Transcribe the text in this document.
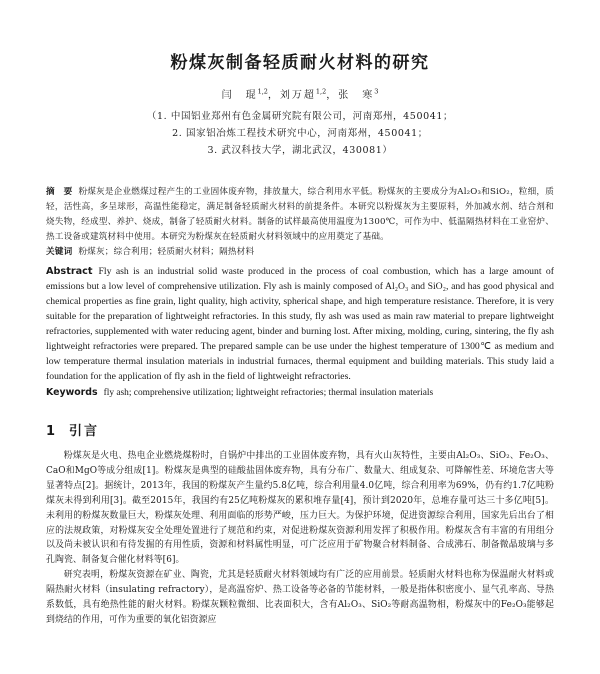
粉煤灰制备轻质耐火材料的研究
闫　琨$^{1,2}$，刘万超$^{1,2}$，张　寒$^3$
（1. 中国铝业郑州有色金属研究院有限公司，河南郑州，450041；
2. 国家铝冶炼工程技术研究中心，河南郑州，450041；
3. 武汉科技大学，湖北武汉，430081）
摘　要 粉煤灰是企业燃煤过程产生的工业固体废弃物，排放量大，综合利用水平低。粉煤灰的主要成分为Al₂O₃和SiO₂，粒细，质轻，活性高，多呈球形，高温性能稳定，满足制备轻质耐火材料的前提条件。本研究以粉煤灰为主要原料，外加减水剂、结合剂和烧失物，经成型、养护、烧成，制备了轻质耐火材料。制备的试样最高使用温度为1300℃，可作为中、低温隔热材料在工业窑炉、热工设备或建筑材料中使用。本研究为粉煤灰在轻质耐火材料领域中的应用奠定了基础。
关键词 粉煤灰；综合利用；轻质耐火材料；隔热材料
Abstract Fly ash is an industrial solid waste produced in the process of coal combustion, which has a large amount of emissions but a low level of comprehensive utilization. Fly ash is mainly composed of Al₂O₃ and SiO₂, and has good physical and chemical properties as fine grain, light quality, high activity, spherical shape, and high temperature resistance. Therefore, it is very suitable for the preparation of lightweight refractories. In this study, fly ash was used as main raw material to prepare lightweight refractories, supplemented with water reducing agent, binder and burning lost. After mixing, molding, curing, sintering, the fly ash lightweight refractories were prepared. The prepared sample can be use under the highest temperature of 1300℃ as medium and low temperature thermal insulation materials in industrial furnaces, thermal equipment and building materials. This study laid a foundation for the application of fly ash in the field of lightweight refractories.
Keywords fly ash; comprehensive utilization; lightweight refractories; thermal insulation materials
1 引言

粉煤灰是火电、热电企业燃烧煤粉时，自锅炉中排出的工业固体废弃物，具有火山灰特性，主要由Al₂O₃、SiO₂、Fe₂O₃、CaO和MgO等成分组成[1]。粉煤灰是典型的硅酸盐固体废弃物，具有分布广、数量大、组成复杂、可降解性差、环境危害大等显著特点[2]。据统计，2013年，我国的粉煤灰产生量约5.8亿吨，综合利用量4.0亿吨，综合利用率为69%，仍有约1.7亿吨粉煤灰未得到利用[3]。截至2015年，我国约有25亿吨粉煤灰的累积堆存量[4]，预计到2020年，总堆存量可达三十多亿吨[5]。未利用的粉煤灰数量巨大，粉煤灰处理、利用面临的形势严峻，压力巨大。为保护环境，促进资源综合利用，国家先后出台了相应的法规政策，对粉煤灰安全处理处置进行了规范和约束，对促进粉煤灰资源利用发挥了积极作用。粉煤灰含有丰富的有用组分以及尚未被认识和有待发掘的有用性质，资源和材料属性明显，可广泛应用于矿物聚合材料制备、合成沸石、制备微晶玻璃与多孔陶瓷、制备复合催化材料等[6]。

研究表明，粉煤灰资源在矿业、陶瓷，尤其是轻质耐火材料领域均有广泛的应用前景。轻质耐火材料也称为保温耐火材料或隔热耐火材料（insulating refractory），是高温窑炉、热工设备等必备的节能材料，一般是指体积密度小、显气孔率高、导热系数低，具有绝热性能的耐火材料。粉煤灰颗粒微细、比表面积大，含有Al₂O₃、SiO₂等耐高温物相，粉煤灰中的Fe₂O₃能够起到烧结的作用，可作为重要的氧化铝资源应
